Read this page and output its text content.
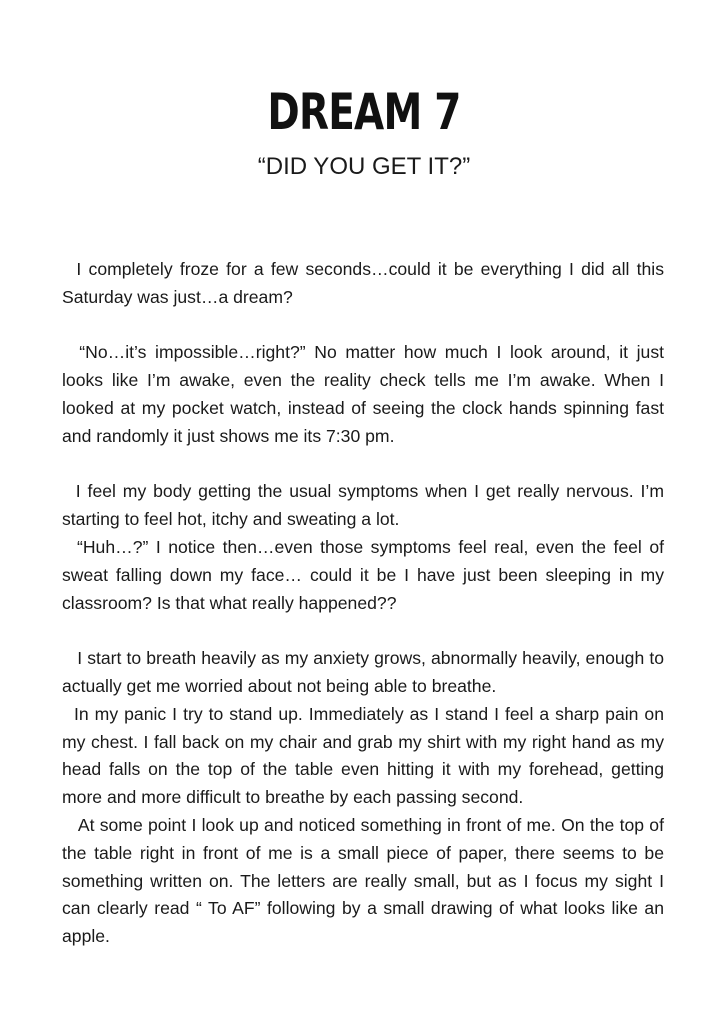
DREAM 7
“DID YOU GET IT?”

I completely froze for a few seconds…could it be everything I did all this Saturday was just…a dream?

“No…it’s impossible…right?” No matter how much I look around, it just looks like I’m awake, even the reality check tells me I’m awake. When I looked at my pocket watch, instead of seeing the clock hands spinning fast and randomly it just shows me its 7:30 pm.

I feel my body getting the usual symptoms when I get really nervous. I’m starting to feel hot, itchy and sweating a lot.

“Huh…?” I notice then…even those symptoms feel real, even the feel of sweat falling down my face… could it be I have just been sleeping in my classroom? Is that what really happened??

I start to breath heavily as my anxiety grows, abnormally heavily, enough to actually get me worried about not being able to breathe.

In my panic I try to stand up. Immediately as I stand I feel a sharp pain on my chest. I fall back on my chair and grab my shirt with my right hand as my head falls on the top of the table even hitting it with my forehead, getting more and more difficult to breathe by each passing second.

At some point I look up and noticed something in front of me. On the top of the table right in front of me is a small piece of paper, there seems to be something written on. The letters are really small, but as I focus my sight I can clearly read “ To AF” following by a small drawing of what looks like an apple.
